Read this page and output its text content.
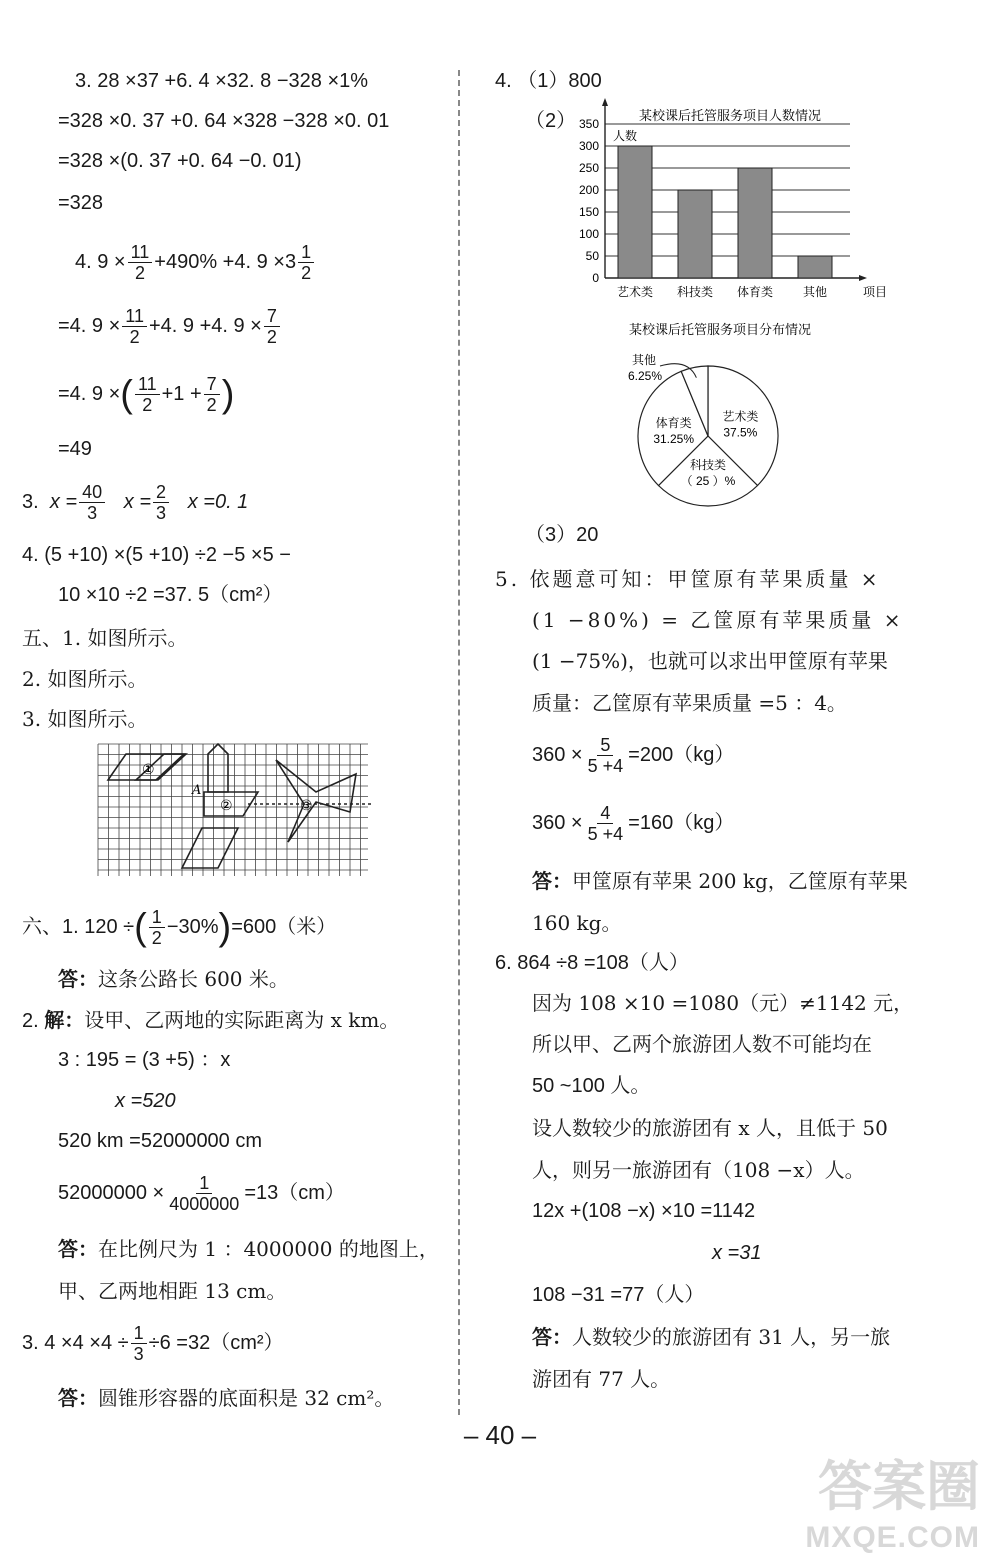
3. 28 ×37 +6. 4 ×32. 8 −328 ×1%
=328 ×0. 37 +0. 64 ×328 −328 ×0. 01
=328 ×(0. 37 +0. 64 −0. 01)
=328
4. $9 \times \frac{11}{2} +490\% +4$. $9 \times 3 \frac{1}{2}$
=4. $9 \times \frac{11}{2} +4$. 9 +4. $9 \times \frac{7}{2}$
=4. 9 ×( $\frac{11}{2} +1 + \frac{7}{2}$ )
=49
3. $x = \frac{40}{3}$ $x = \frac{2}{3}$ x =0. 1
4. (5 +10) ×(5 +10) ÷2 −5 ×5 −
10 ×10 ÷2 =37. 5（cm²）
五、1. 如图所示。
2. 如图所示。
3. 如图所示。
①
A
②	③
六、1. 120 ÷( $\frac{1}{2} -30\%)=600$（米）
答：这条公路长 600 米。
2. 解：设甲、乙两地的实际距离为 x km。
3 : 195 = (3 +5) ：x
x =520
520 km =52000000 cm
$52000000 \times \frac{1}{4000000} =13(cm)$
答：在比例尺为 1 ：4000000 的地图上，
甲、乙两地相距 13 cm。
3. $4 \times 4 \times 4 \div \frac{1}{3} \div 6 =32(cm^2)$
答：圆锥形容器的底面积是 32 cm²。
4. （1）800
（2）	某校课后托管服务项目人数情况
人数
0
50
100
150
200
250
300
350
艺术类 科技类 体育类 其他	项目
某校课后托管服务项目分布情况
艺术类
37.5%
科技类
（ 25 ）%
体育类
31.25%
其他
6.25%
（3）20
5. 依题意可知：甲筐原有苹果质量 ×
(1 −80%) = 乙筐原有苹果质量 ×
(1 −75%)，也就可以求出甲筐原有苹果
质量：乙筐原有苹果质量 =5 ：4。
$360 \times \frac{5}{5 +4} =200(kg)$
$360 \times \frac{4}{5 +4} =160(kg)$
答：甲筐原有苹果 200 kg，乙筐原有苹果
160 kg。
6. 864 ÷8 =108（人）
因为 108 ×10 =1080（元）≠1142 元，
所以甲、乙两个旅游团人数不可能均在
50 ~100 人。
设人数较少的旅游团有 x 人，且低于 50
人，则另一旅游团有（108 −x）人。
12x +(108 −x) ×10 =1142
x =31
108 −31 =77（人）
答：人数较少的旅游团有 31 人，另一旅
游团有 77 人。
– 40 –
答案圈
MXQE.COM
